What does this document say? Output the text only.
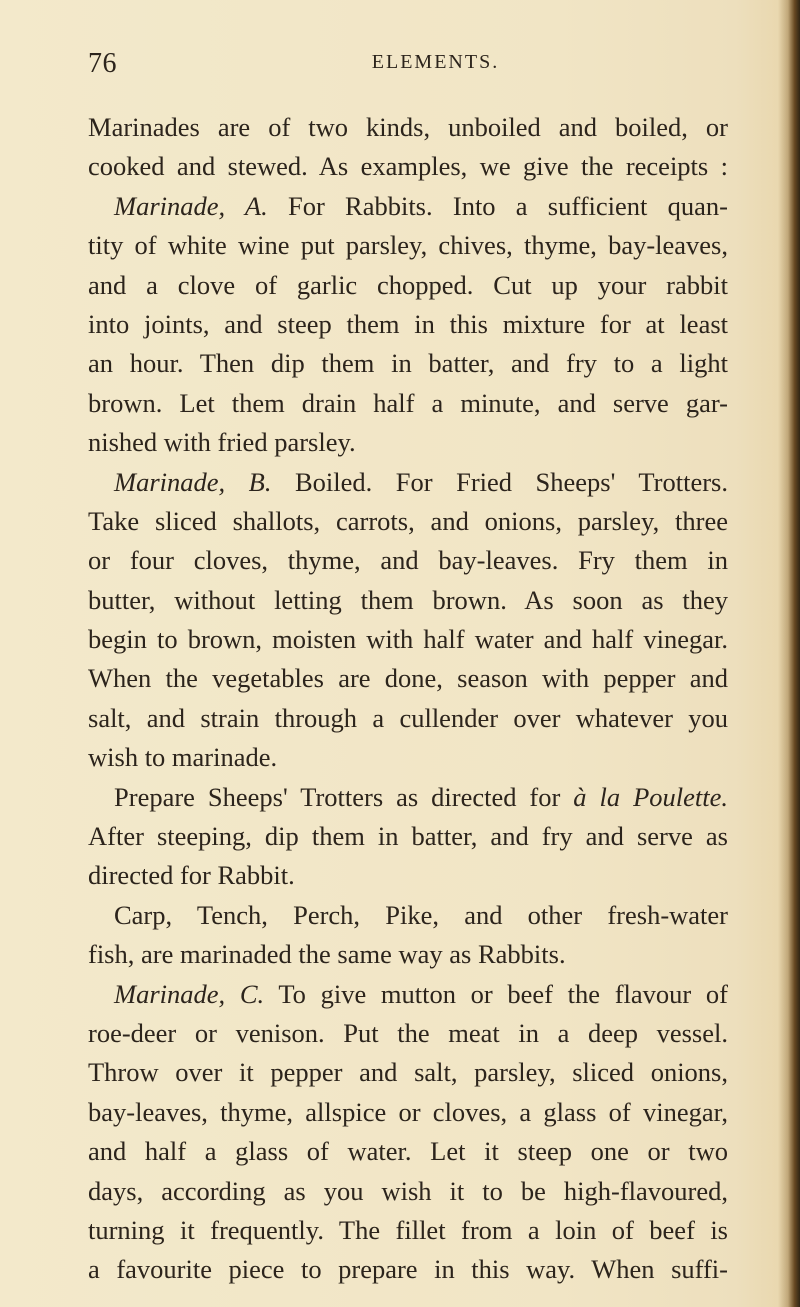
76	ELEMENTS.
Marinades are of two kinds, unboiled and boiled, or
cooked and stewed. As examples, we give the receipts :
Marinade, A. For Rabbits. Into a sufficient quan-
tity of white wine put parsley, chives, thyme, bay-leaves,
and a clove of garlic chopped. Cut up your rabbit
into joints, and steep them in this mixture for at least
an hour. Then dip them in batter, and fry to a light
brown. Let them drain half a minute, and serve gar-
nished with fried parsley.
Marinade, B. Boiled. For Fried Sheeps' Trotters.
Take sliced shallots, carrots, and onions, parsley, three
or four cloves, thyme, and bay-leaves. Fry them in
butter, without letting them brown. As soon as they
begin to brown, moisten with half water and half vinegar.
When the vegetables are done, season with pepper and
salt, and strain through a cullender over whatever you
wish to marinade.
Prepare Sheeps' Trotters as directed for à la Poulette.
After steeping, dip them in batter, and fry and serve as
directed for Rabbit.
Carp, Tench, Perch, Pike, and other fresh-water
fish, are marinaded the same way as Rabbits.
Marinade, C. To give mutton or beef the flavour of
roe-deer or venison. Put the meat in a deep vessel.
Throw over it pepper and salt, parsley, sliced onions,
bay-leaves, thyme, allspice or cloves, a glass of vinegar,
and half a glass of water. Let it steep one or two
days, according as you wish it to be high-flavoured,
turning it frequently. The fillet from a loin of beef is
a favourite piece to prepare in this way. When suffi-
